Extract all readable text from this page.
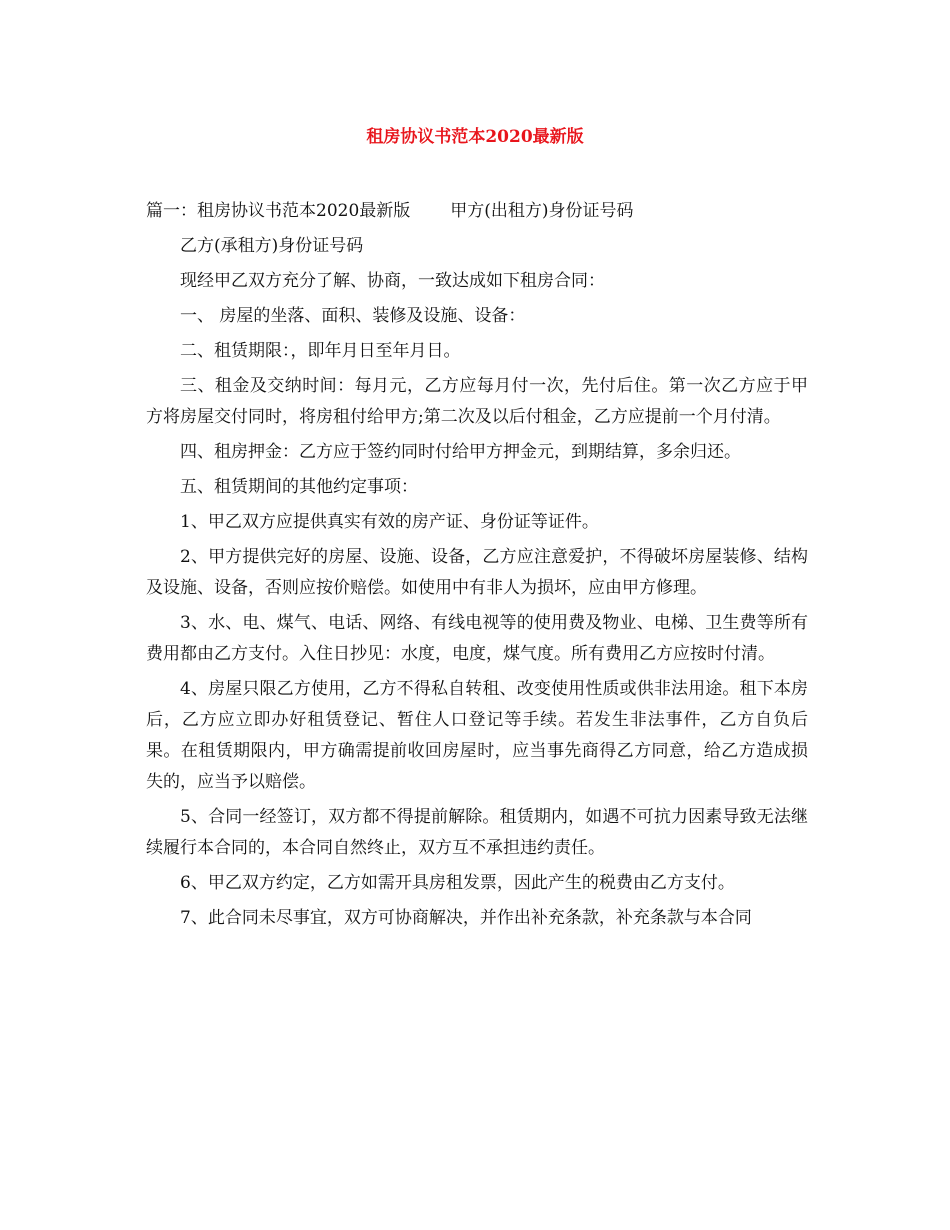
租房协议书范本2020最新版

篇一：租房协议书范本2020最新版 甲方(出租方)身份证号码

乙方(承租方)身份证号码

现经甲乙双方充分了解、协商，一致达成如下租房合同：

一、 房屋的坐落、面积、装修及设施、设备：

二、租赁期限：，即年月日至年月日。

三、租金及交纳时间：每月元，乙方应每月付一次，先付后住。第一次乙方应于甲方将房屋交付同时，将房租付给甲方;第二次及以后付租金，乙方应提前一个月付清。

四、租房押金：乙方应于签约同时付给甲方押金元，到期结算，多余归还。

五、租赁期间的其他约定事项：

1、甲乙双方应提供真实有效的房产证、身份证等证件。

2、甲方提供完好的房屋、设施、设备，乙方应注意爱护，不得破坏房屋装修、结构及设施、设备，否则应按价赔偿。如使用中有非人为损坏，应由甲方修理。

3、水、电、煤气、电话、网络、有线电视等的使用费及物业、电梯、卫生费等所有费用都由乙方支付。入住日抄见：水度，电度，煤气度。所有费用乙方应按时付清。

4、房屋只限乙方使用，乙方不得私自转租、改变使用性质或供非法用途。租下本房后，乙方应立即办好租赁登记、暂住人口登记等手续。若发生非法事件，乙方自负后果。在租赁期限内，甲方确需提前收回房屋时，应当事先商得乙方同意，给乙方造成损失的，应当予以赔偿。

5、合同一经签订，双方都不得提前解除。租赁期内，如遇不可抗力因素导致无法继续履行本合同的，本合同自然终止，双方互不承担违约责任。

6、甲乙双方约定，乙方如需开具房租发票，因此产生的税费由乙方支付。

7、此合同未尽事宜，双方可协商解决，并作出补充条款，补充条款与本合同
